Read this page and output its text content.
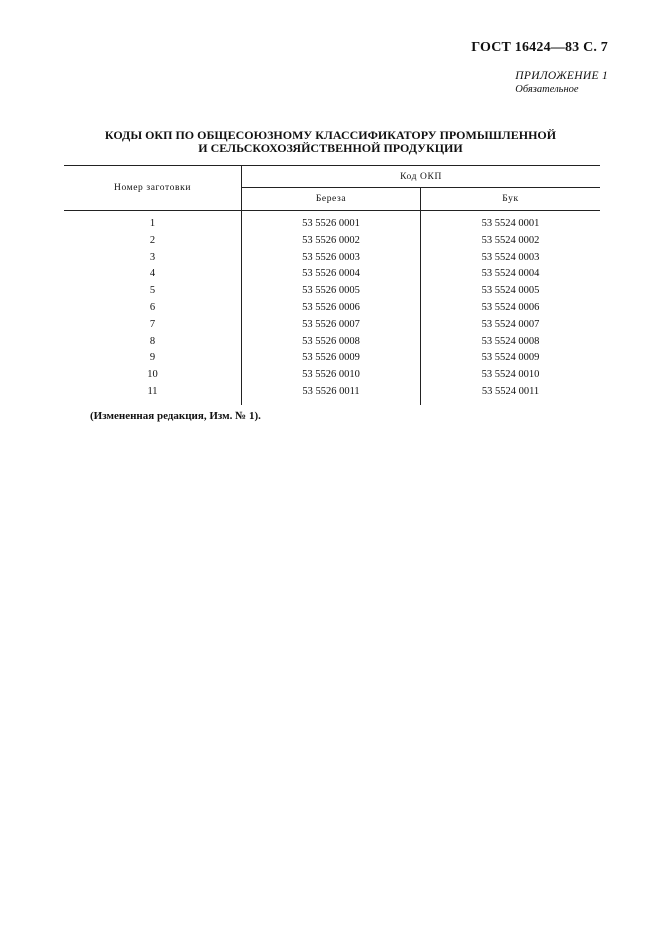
ГОСТ 16424—83 С. 7
ПРИЛОЖЕНИЕ 1
Обязательное
КОДЫ ОКП ПО ОБЩЕСОЮЗНОМУ КЛАССИФИКАТОРУ ПРОМЫШЛЕННОЙ
И СЕЛЬСКОХОЗЯЙСТВЕННОЙ ПРОДУКЦИИ
Номер заготовки	Код ОКП	
	Береза	Бук
1	53 5526 0001	53 5524 0001
2	53 5526 0002	53 5524 0002
3	53 5526 0003	53 5524 0003
4	53 5526 0004	53 5524 0004
5	53 5526 0005	53 5524 0005
6	53 5526 0006	53 5524 0006
7	53 5526 0007	53 5524 0007
8	53 5526 0008	53 5524 0008
9	53 5526 0009	53 5524 0009
10	53 5526 0010	53 5524 0010
11	53 5526 0011	53 5524 0011
(Измененная редакция, Изм. № 1).
